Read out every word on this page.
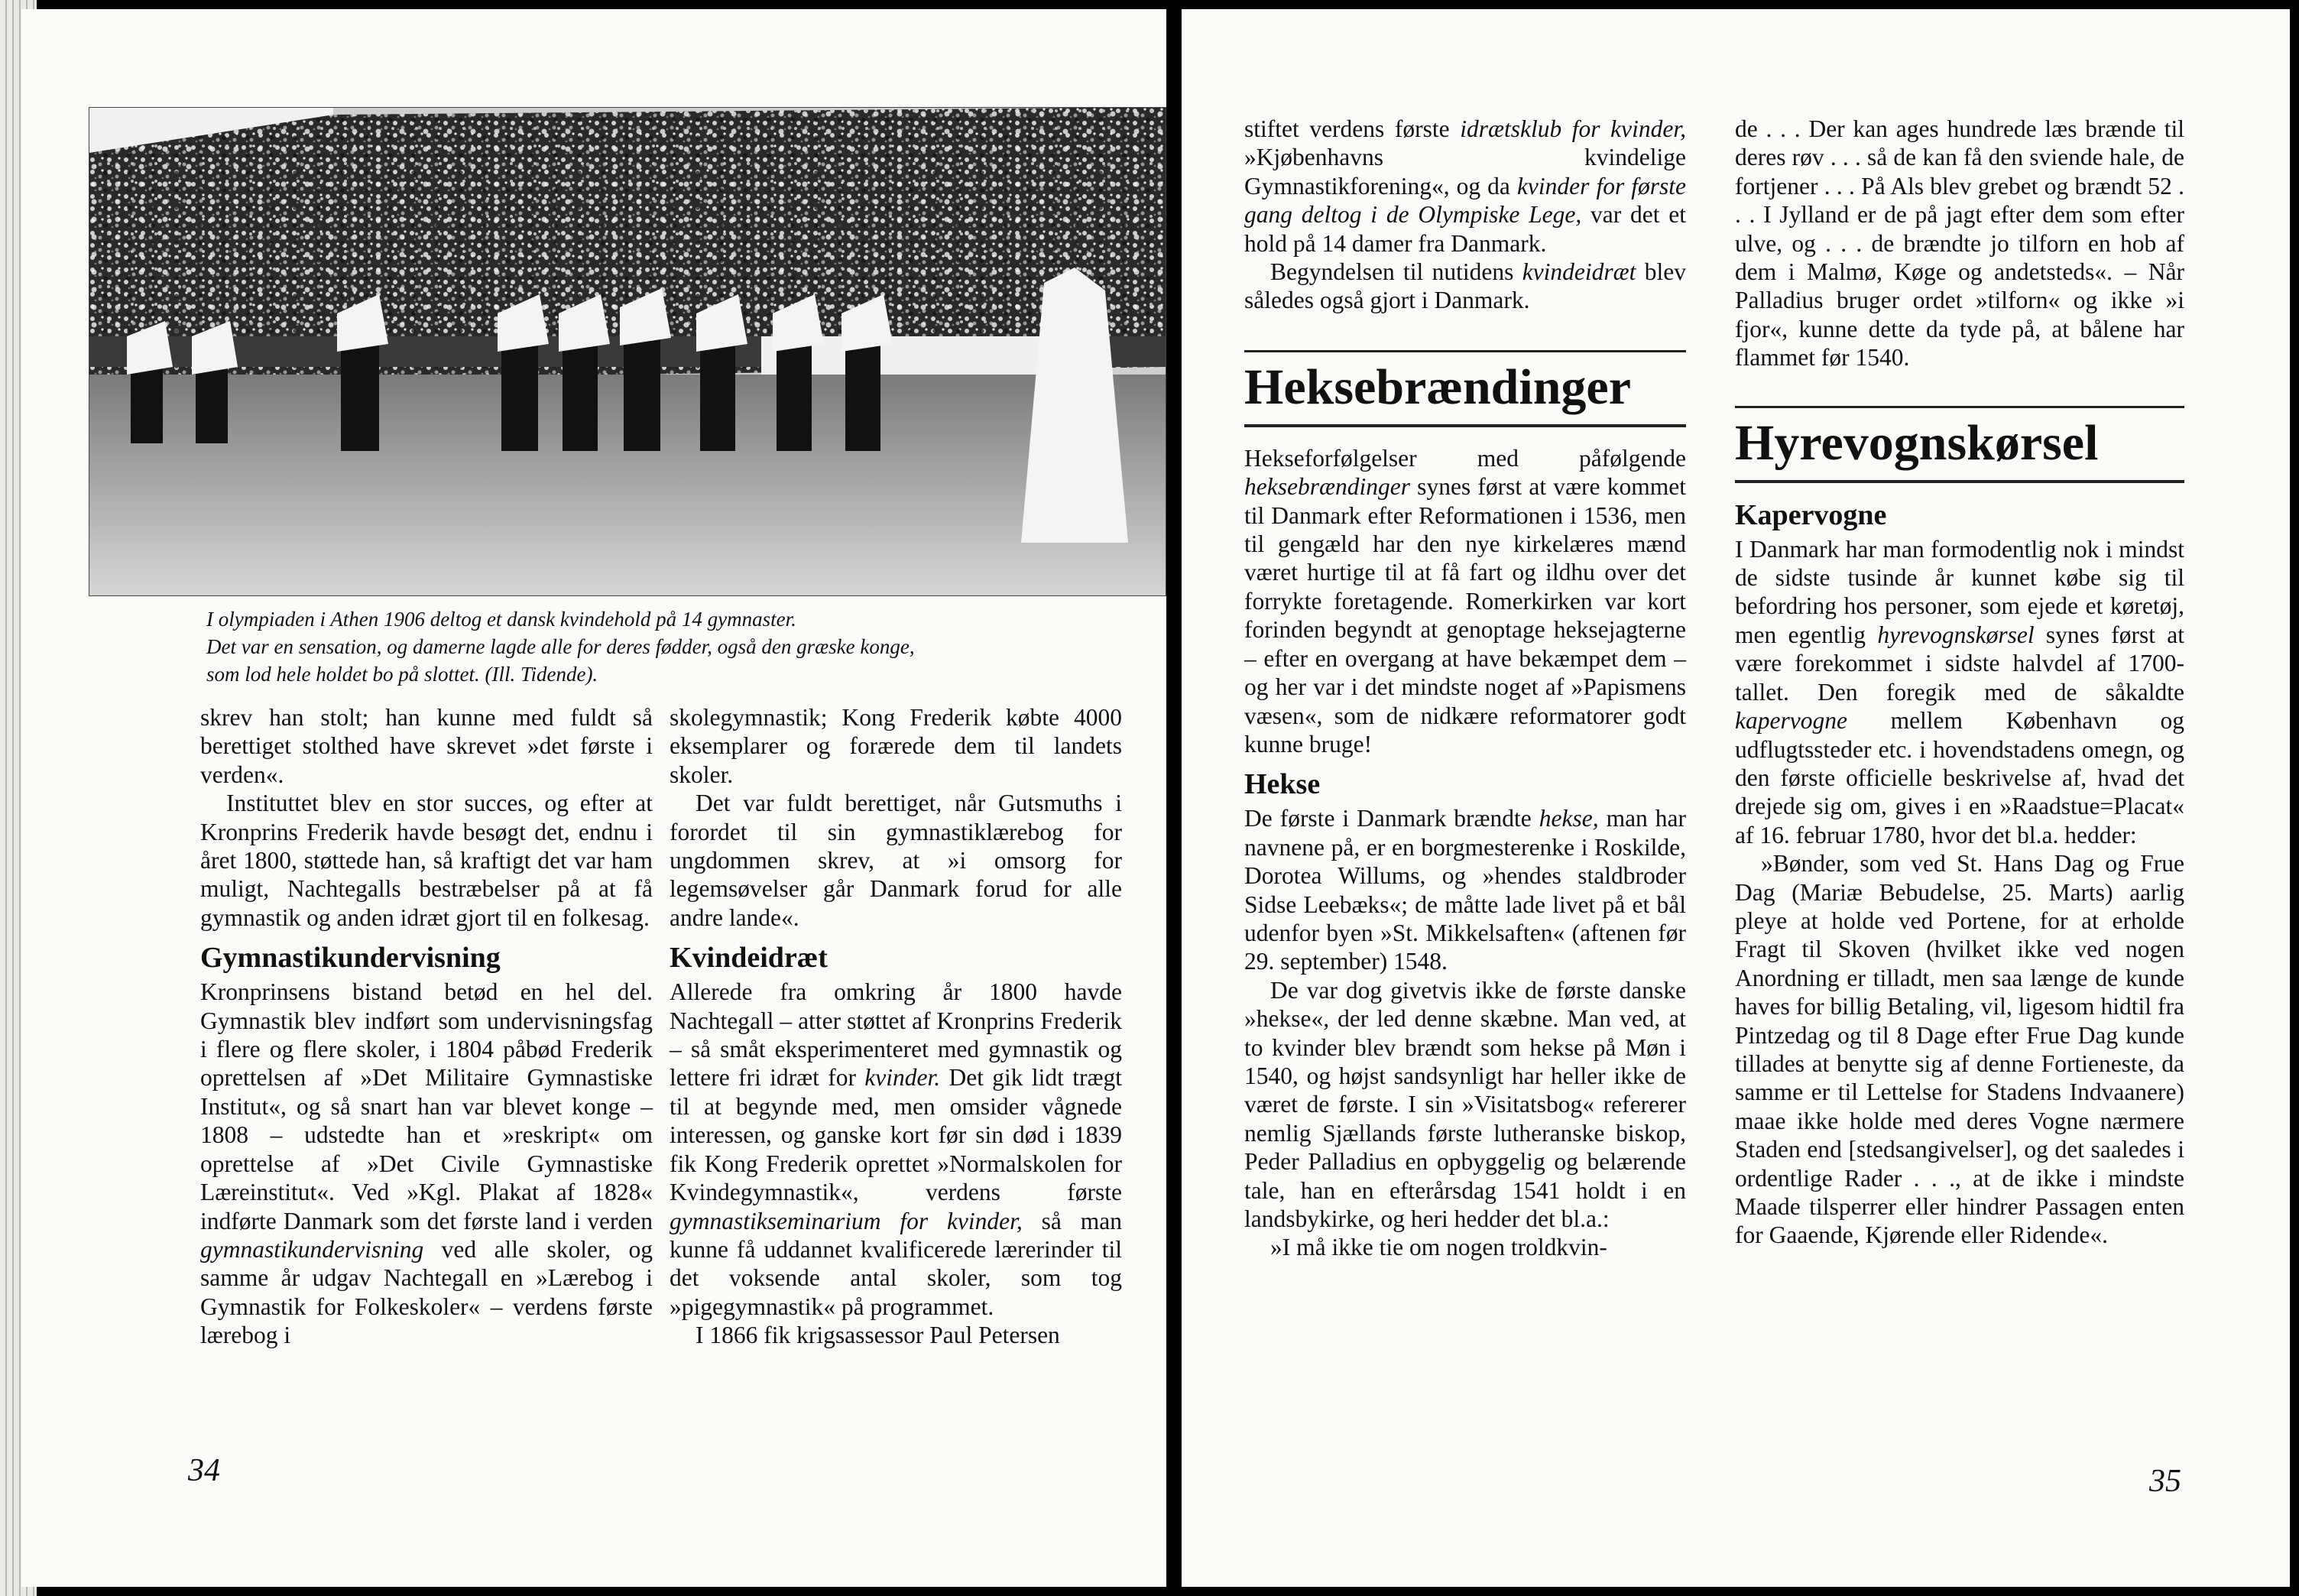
I olympiaden i Athen 1906 deltog et dansk kvindehold på 14 gymnaster.
Det var en sensation, og damerne lagde alle for deres fødder, også den græske konge,
som lod hele holdet bo på slottet. (Ill. Tidende).

skrev han stolt; han kunne med fuldt så berettiget stolthed have skrevet »det første i verden«.

Instituttet blev en stor succes, og efter at Kronprins Frederik havde besøgt det, endnu i året 1800, støttede han, så kraftigt det var ham muligt, Nachtegalls bestræbelser på at få gymnastik og anden idræt gjort til en folkesag.

Gymnastikundervisning

Kronprinsens bistand betød en hel del. Gymnastik blev indført som undervisningsfag i flere og flere skoler, i 1804 påbød Frederik oprettelsen af »Det Militaire Gymnastiske Institut«, og så snart han var blevet konge – 1808 – udstedte han et »reskript« om oprettelse af »Det Civile Gymnastiske Læreinstitut«. Ved »Kgl. Plakat af 1828« indførte Danmark som det første land i verden gymnastikundervisning ved alle skoler, og samme år udgav Nachtegall en »Lærebog i Gymnastik for Folkeskoler« – verdens første lærebog i

skolegymnastik; Kong Frederik købte 4000 eksemplarer og forærede dem til landets skoler.

Det var fuldt berettiget, når Gutsmuths i forordet til sin gymnastiklærebog for ungdommen skrev, at »i omsorg for legemsøvelser går Danmark forud for alle andre lande«.

Kvindeidræt

Allerede fra omkring år 1800 havde Nachtegall – atter støttet af Kronprins Frederik – så småt eksperimenteret med gymnastik og lettere fri idræt for kvinder. Det gik lidt trægt til at begynde med, men omsider vågnede interessen, og ganske kort før sin død i 1839 fik Kong Frederik oprettet »Normalskolen for Kvindegymnastik«, verdens første gymnastikseminarium for kvinder, så man kunne få uddannet kvalificerede lærerinder til det voksende antal skoler, som tog »pigegymnastik« på programmet.

I 1866 fik krigsassessor Paul Petersen

34

stiftet verdens første idrætsklub for kvinder, »Kjøbenhavns kvindelige Gymnastikforening«, og da kvinder for første gang deltog i de Olympiske Lege, var det et hold på 14 damer fra Danmark.

Begyndelsen til nutidens kvindeidræt blev således også gjort i Danmark.

Heksebrændinger

Hekseforfølgelser med påfølgende heksebrændinger synes først at være kommet til Danmark efter Reformationen i 1536, men til gengæld har den nye kirkelæres mænd været hurtige til at få fart og ildhu over det forrykte foretagende. Romerkirken var kort forinden begyndt at genoptage heksejagterne – efter en overgang at have bekæmpet dem – og her var i det mindste noget af »Papismens væsen«, som de nidkære reformatorer godt kunne bruge!

Hekse

De første i Danmark brændte hekse, man har navnene på, er en borgmesterenke i Roskilde, Dorotea Willums, og »hendes staldbroder Sidse Leebæks«; de måtte lade livet på et bål udenfor byen »St. Mikkelsaften« (aftenen før 29. september) 1548.

De var dog givetvis ikke de første danske »hekse«, der led denne skæbne. Man ved, at to kvinder blev brændt som hekse på Møn i 1540, og højst sandsynligt har heller ikke de været de første. I sin »Visitatsbog« refererer nemlig Sjællands første lutheranske biskop, Peder Palladius en opbyggelig og belærende tale, han en efterårsdag 1541 holdt i en landsbykirke, og heri hedder det bl.a.:

»I må ikke tie om nogen troldkvin-

de . . . Der kan ages hundrede læs brænde til deres røv . . . så de kan få den sviende hale, de fortjener . . . På Als blev grebet og brændt 52 . . . I Jylland er de på jagt efter dem som efter ulve, og . . . de brændte jo tilforn en hob af dem i Malmø, Køge og andetsteds«. – Når Palladius bruger ordet »tilforn« og ikke »i fjor«, kunne dette da tyde på, at bålene har flammet før 1540.

Hyrevognskørsel
Kapervogne

I Danmark har man formodentlig nok i mindst de sidste tusinde år kunnet købe sig til befordring hos personer, som ejede et køretøj, men egentlig hyrevognskørsel synes først at være forekommet i sidste halvdel af 1700-tallet. Den foregik med de såkaldte kapervogne mellem København og udflugtssteder etc. i hovendstadens omegn, og den første officielle beskrivelse af, hvad det drejede sig om, gives i en »Raadstue=Placat« af 16. februar 1780, hvor det bl.a. hedder:

»Bønder, som ved St. Hans Dag og Frue Dag (Mariæ Bebudelse, 25. Marts) aarlig pleye at holde ved Portene, for at erholde Fragt til Skoven (hvilket ikke ved nogen Anordning er tilladt, men saa længe de kunde haves for billig Betaling, vil, ligesom hidtil fra Pintzedag og til 8 Dage efter Frue Dag kunde tillades at benytte sig af denne Fortieneste, da samme er til Lettelse for Stadens Indvaanere) maae ikke holde med deres Vogne nærmere Staden end [stedsangivelser], og det saaledes i ordentlige Rader . . ., at de ikke i mindste Maade tilsperrer eller hindrer Passagen enten for Gaaende, Kjørende eller Ridende«.

35
